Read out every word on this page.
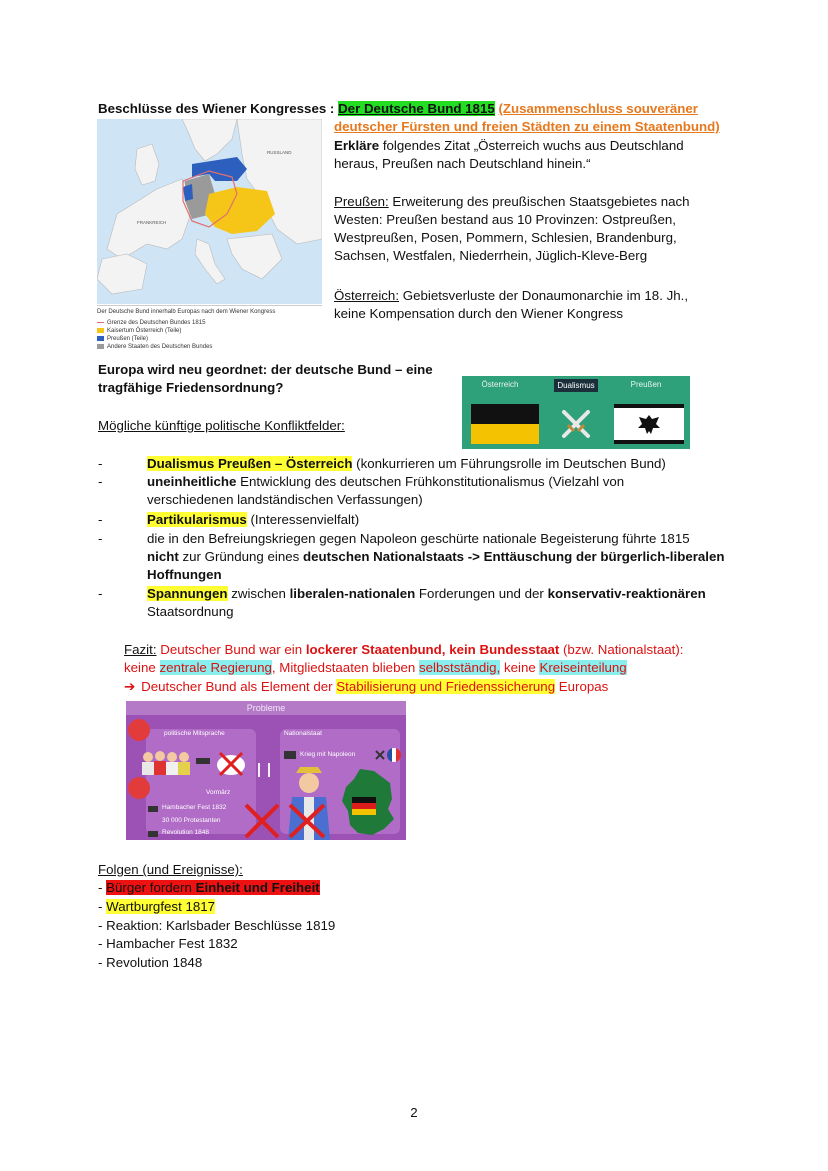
Beschlüsse des Wiener Kongresses : Der Deutsche Bund 1815 (Zusammenschluss souveräner
deutscher Fürsten und freien Städten zu einem Staatenbund)
Erkläre folgendes Zitat „Österreich wuchs aus Deutschland
heraus, Preußen nach Deutschland hinein.“
Preußen: Erweiterung des preußischen Staatsgebietes nach
Westen: Preußen bestand aus 10 Provinzen: Ostpreußen,
Westpreußen, Posen, Pommern, Schlesien, Brandenburg,
Sachsen, Westfalen, Niederrhein, Jüglich-Kleve-Berg
Österreich: Gebietsverluste der Donaumonarchie im 18. Jh.,
keine Kompensation durch den Wiener Kongress
RUSSLAND
FRANKREICH
Der Deutsche Bund innerhalb Europas nach dem Wiener Kongress
Grenze des Deutschen Bundes 1815
Kaisertum Österreich (Teile)
Preußen (Teile)
Andere Staaten des Deutschen Bundes
Europa wird neu geordnet: der deutsche Bund – eine
tragfähige Friedensordnung?
Mögliche künftige politische Konfliktfelder:
Österreich	Dualismus	Preußen
-	Dualismus Preußen – Österreich (konkurrieren um Führungsrolle im Deutschen Bund)
-	uneinheitliche Entwicklung des deutschen Frühkonstitutionalismus (Vielzahl von
verschiedenen landständischen Verfassungen)
-	Partikularismus (Interessenvielfalt)
-	die in den Befreiungskriegen gegen Napoleon geschürte nationale Begeisterung führte 1815
nicht zur Gründung eines deutschen Nationalstaats -> Enttäuschung der bürgerlich-liberalen
Hoffnungen
-	Spannungen zwischen liberalen-nationalen Forderungen und der konservativ-reaktionären
Staatsordnung
Fazit: Deutscher Bund war ein lockerer Staatenbund, kein Bundesstaat (bzw. Nationalstaat):
keine zentrale Regierung, Mitgliedstaaten blieben selbstständig, keine Kreiseinteilung
➔ Deutscher Bund als Element der Stabilisierung und Friedenssicherung Europas
Probleme
politische Mitsprache	Nationalstaat
Krieg mit Napoleon
Vormärz
Hambacher Fest 1832
30 000 Protestanten
Revolution 1848
Folgen (und Ereignisse):
- Bürger fordern Einheit und Freiheit
- Wartburgfest 1817
- Reaktion: Karlsbader Beschlüsse 1819
- Hambacher Fest 1832
- Revolution 1848
2
